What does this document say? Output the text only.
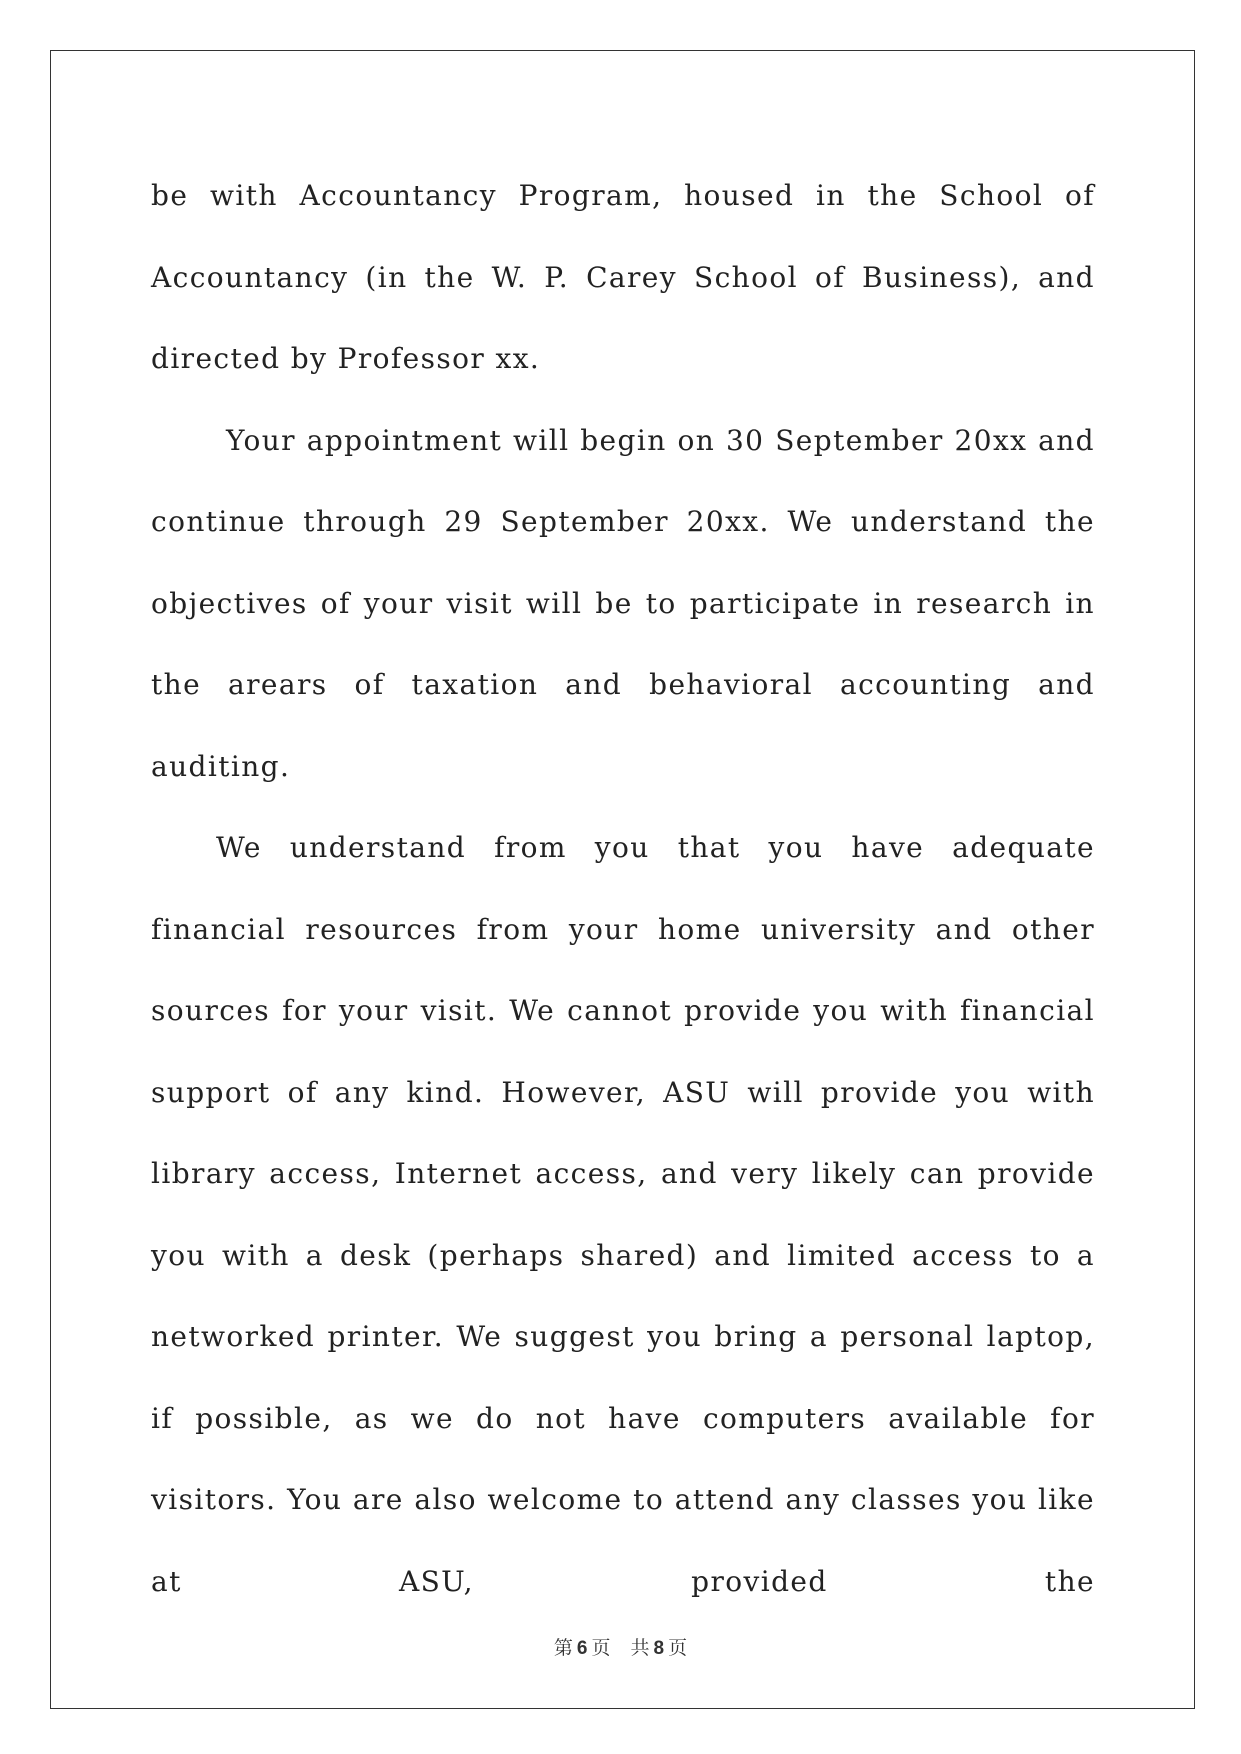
be with Accountancy Program, housed in the School of Accountancy (in the W. P. Carey School of Business), and directed by Professor xx.

Your appointment will begin on 30 September 20xx and continue through 29 September 20xx. We understand the objectives of your visit will be to participate in research in the arears of taxation and behavioral accounting and auditing.

We understand from you that you have adequate financial resources from your home university and other sources for your visit. We cannot provide you with financial support of any kind. However, ASU will provide you with library access, Internet access, and very likely can provide you with a desk (perhaps shared) and limited access to a networked printer. We suggest you bring a personal laptop, if possible, as we do not have computers available for visitors. You are also welcome to attend any classes you like at ASU, provided the

第 6 页 共 8 页
